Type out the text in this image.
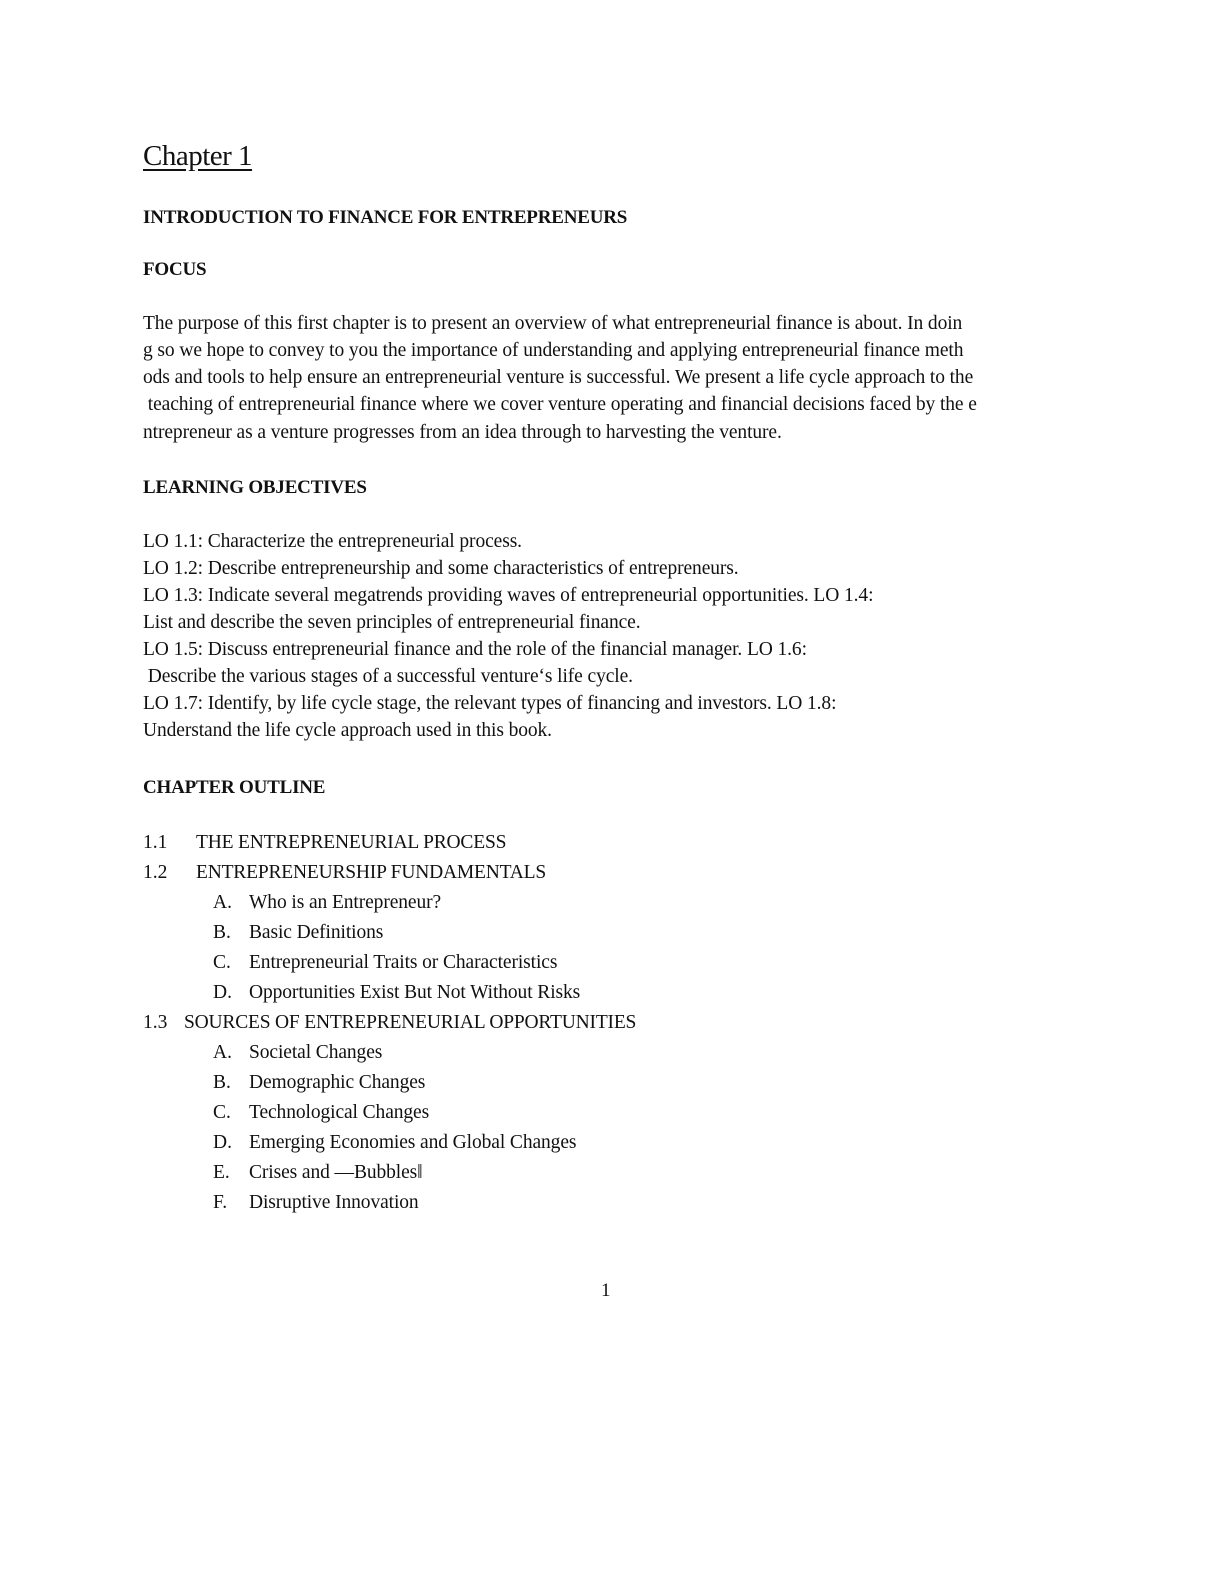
Chapter 1
INTRODUCTION TO FINANCE FOR ENTREPRENEURS
FOCUS
The purpose of this first chapter is to present an overview of what entrepreneurial finance is about. In doin
g so we hope to convey to you the importance of understanding and applying entrepreneurial finance meth
ods and tools to help ensure an entrepreneurial venture is successful. We present a life cycle approach to the
teaching of entrepreneurial finance where we cover venture operating and financial decisions faced by the e
ntrepreneur as a venture progresses from an idea through to harvesting the venture.
LEARNING OBJECTIVES
LO 1.1: Characterize the entrepreneurial process.
LO 1.2: Describe entrepreneurship and some characteristics of entrepreneurs.
LO 1.3: Indicate several megatrends providing waves of entrepreneurial opportunities. LO 1.4:
List and describe the seven principles of entrepreneurial finance.
LO 1.5: Discuss entrepreneurial finance and the role of the financial manager. LO 1.6:
Describe the various stages of a successful venture‘s life cycle.
LO 1.7: Identify, by life cycle stage, the relevant types of financing and investors. LO 1.8:
Understand the life cycle approach used in this book.
CHAPTER OUTLINE
1.1 THE ENTREPRENEURIAL PROCESS
1.2 ENTREPRENEURSHIP FUNDAMENTALS
A. Who is an Entrepreneur?
B. Basic Definitions
C. Entrepreneurial Traits or Characteristics
D. Opportunities Exist But Not Without Risks
1.3 SOURCES OF ENTREPRENEURIAL OPPORTUNITIES
A. Societal Changes
B. Demographic Changes
C. Technological Changes
D. Emerging Economies and Global Changes
E. Crises and ―Bubbles‖
F.	Disruptive Innovation
1
